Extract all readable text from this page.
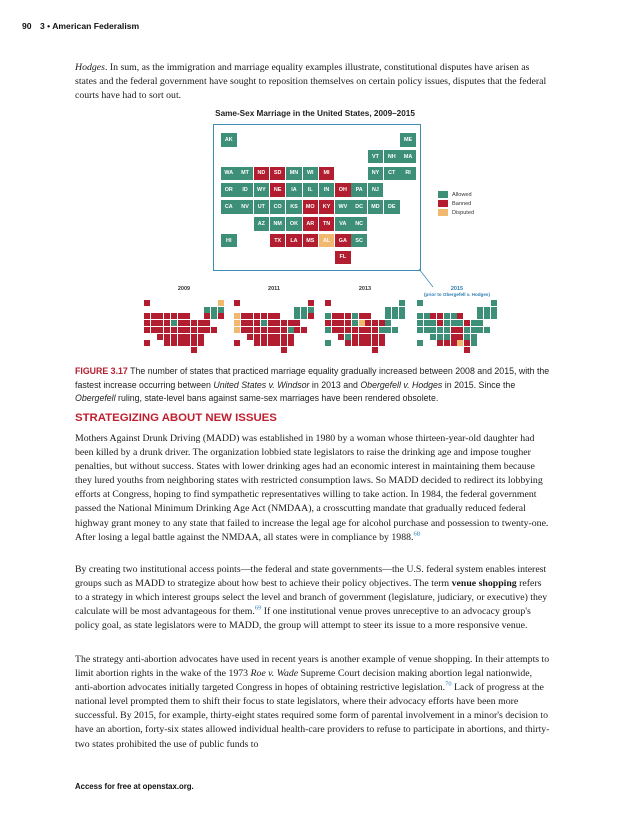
90 3 • American Federalism

Hodges. In sum, as the immigration and marriage equality examples illustrate, constitutional disputes have arisen as states and the federal government have sought to reposition themselves on certain policy issues, disputes that the federal courts have had to sort out.

Same-Sex Marriage in the United States, 2009–2015
AK	ME
VT	NH	MA
WA	MT	ND	SD	MN	WI	MI	NY	CT	RI
OR	ID	WY	NE	IA	IL	IN	OH	PA	NJ
CA	NV	UT	CO	KS	MO	KY	WV	DC	MD	DE
AZ	NM	OK	AR	TN	VA	NC
HI	TX	LA	MS	AL	GA	SC
FL
Allowed
Banned
Disputed
2009	2011	2013	2015
(prior to Obergefell v. Hodges)

FIGURE 3.17 The number of states that practiced marriage equality gradually increased between 2008 and 2015, with the fastest increase occurring between United States v. Windsor in 2013 and Obergefell v. Hodges in 2015. Since the Obergefell ruling, state-level bans against same-sex marriages have been rendered obsolete.

STRATEGIZING ABOUT NEW ISSUES

Mothers Against Drunk Driving (MADD) was established in 1980 by a woman whose thirteen-year-old daughter had been killed by a drunk driver. The organization lobbied state legislators to raise the drinking age and impose tougher penalties, but without success. States with lower drinking ages had an economic interest in maintaining them because they lured youths from neighboring states with restricted consumption laws. So MADD decided to redirect its lobbying efforts at Congress, hoping to find sympathetic representatives willing to take action. In 1984, the federal government passed the National Minimum Drinking Age Act (NMDAA), a crosscutting mandate that gradually reduced federal highway grant money to any state that failed to increase the legal age for alcohol purchase and possession to twenty-one. After losing a legal battle against the NMDAA, all states were in compliance by 1988.68

By creating two institutional access points—the federal and state governments—the U.S. federal system enables interest groups such as MADD to strategize about how best to achieve their policy objectives. The term venue shopping refers to a strategy in which interest groups select the level and branch of government (legislature, judiciary, or executive) they calculate will be most advantageous for them.$^{69}$ If one institutional venue proves unreceptive to an advocacy group's policy goal, as state legislators were to MADD, the group will attempt to steer its issue to a more responsive venue.

The strategy anti-abortion advocates have used in recent years is another example of venue shopping. In their attempts to limit abortion rights in the wake of the 1973 Roe v. Wade Supreme Court decision making abortion legal nationwide, anti-abortion advocates initially targeted Congress in hopes of obtaining restrictive legislation.$^{70}$ Lack of progress at the national level prompted them to shift their focus to state legislators, where their advocacy efforts have been more successful. By 2015, for example, thirty-eight states required some form of parental involvement in a minor's decision to have an abortion, forty-six states allowed individual health-care providers to refuse to participate in abortions, and thirty-two states prohibited the use of public funds to

Access for free at openstax.org.
